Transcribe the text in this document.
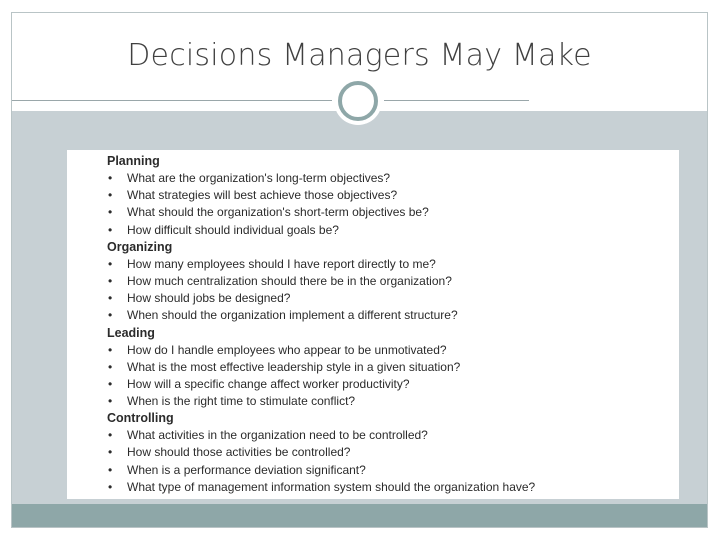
Decisions Managers May Make
Planning
• What are the organization's long-term objectives?
• What strategies will best achieve those objectives?
• What should the organization's short-term objectives be?
• How difficult should individual goals be?
Organizing
• How many employees should I have report directly to me?
• How much centralization should there be in the organization?
• How should jobs be designed?
• When should the organization implement a different structure?
Leading
• How do I handle employees who appear to be unmotivated?
• What is the most effective leadership style in a given situation?
• How will a specific change affect worker productivity?
• When is the right time to stimulate conflict?
Controlling
• What activities in the organization need to be controlled?
• How should those activities be controlled?
• When is a performance deviation significant?
• What type of management information system should the organization have?
